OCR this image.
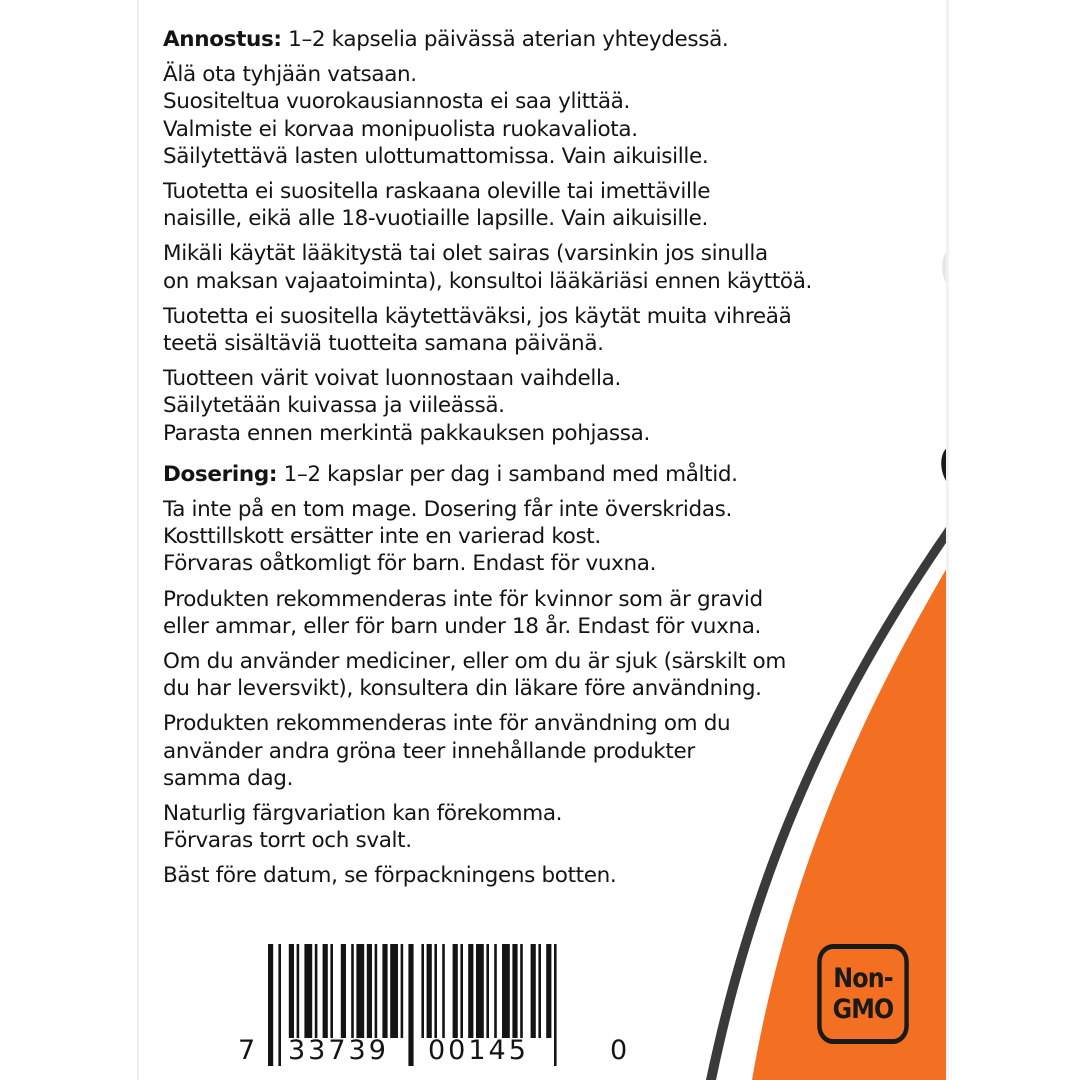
Annostus: 1–2 kapselia päivässä aterian yhteydessä.

Älä ota tyhjään vatsaan.
Suositeltua vuorokausiannosta ei saa ylittää.
Valmiste ei korvaa monipuolista ruokavaliota.
Säilytettävä lasten ulottumattomissa. Vain aikuisille.

Tuotetta ei suositella raskaana oleville tai imettäville
naisille, eikä alle 18-vuotiaille lapsille. Vain aikuisille.

Mikäli käytät lääkitystä tai olet sairas (varsinkin jos sinulla
on maksan vajaatoiminta), konsultoi lääkäriäsi ennen käyttöä.

Tuotetta ei suositella käytettäväksi, jos käytät muita vihreää
teetä sisältäviä tuotteita samana päivänä.

Tuotteen värit voivat luonnostaan vaihdella.
Säilytetään kuivassa ja viileässä.
Parasta ennen merkintä pakkauksen pohjassa.

Dosering: 1–2 kapslar per dag i samband med måltid.

Ta inte på en tom mage. Dosering får inte överskridas.
Kosttillskott ersätter inte en varierad kost.
Förvaras oåtkomligt för barn. Endast för vuxna.

Produkten rekommenderas inte för kvinnor som är gravid
eller ammar, eller för barn under 18 år. Endast för vuxna.

Om du använder mediciner, eller om du är sjuk (särskilt om
du har leversvikt), konsultera din läkare före användning.

Produkten rekommenderas inte för användning om du
använder andra gröna teer innehållande produkter
samma dag.

Naturlig färgvariation kan förekomma.
Förvaras torrt och svalt.

Bäst före datum, se förpackningens botten.

7 33739 00145	0
Non-
GMO
